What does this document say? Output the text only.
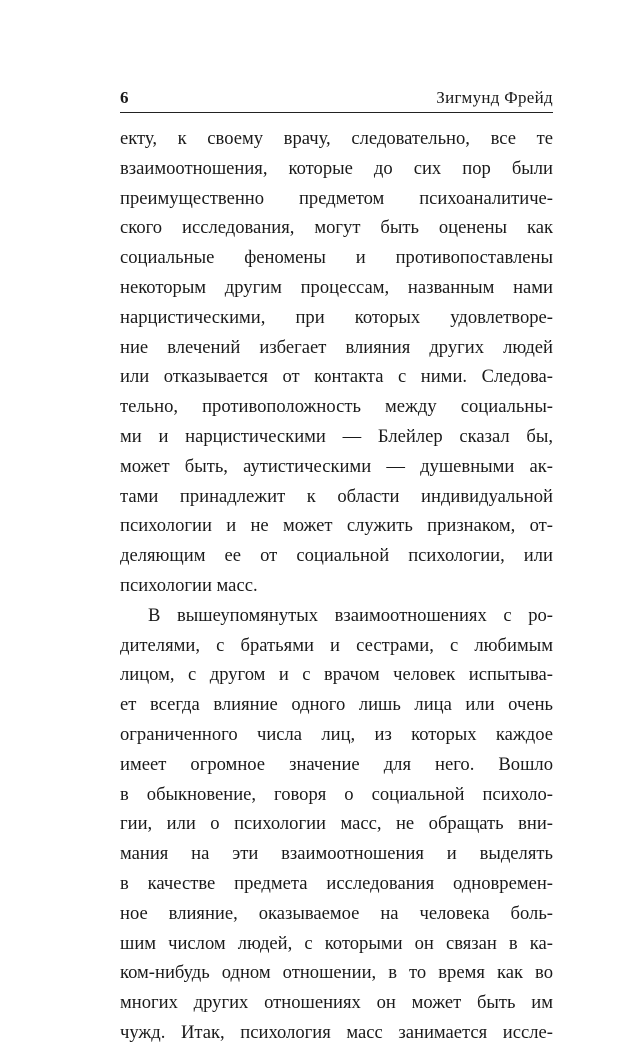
6	Зигмунд Фрейд
екту, к своему врачу, следовательно, все те
взаимоотношения, которые до сих пор были
преимущественно предметом психоаналитиче-
ского исследования, могут быть оценены как
социальные феномены и противопоставлены
некоторым другим процессам, названным нами
нарцистическими, при которых удовлетворе-
ние влечений избегает влияния других людей
или отказывается от контакта с ними. Следова-
тельно, противоположность между социальны-
ми и нарцистическими — Блейлер сказал бы,
может быть, аутистическими — душевными ак-
тами принадлежит к области индивидуальной
психологии и не может служить признаком, от-
деляющим ее от социальной психологии, или
психологии масс.
В вышеупомянутых взаимоотношениях с ро-
дителями, с братьями и сестрами, с любимым
лицом, с другом и с врачом человек испытыва-
ет всегда влияние одного лишь лица или очень
ограниченного числа лиц, из которых каждое
имеет огромное значение для него. Вошло
в обыкновение, говоря о социальной психоло-
гии, или о психологии масс, не обращать вни-
мания на эти взаимоотношения и выделять
в качестве предмета исследования одновремен-
ное влияние, оказываемое на человека боль-
шим числом людей, с которыми он связан в ка-
ком-нибудь одном отношении, в то время как во
многих других отношениях он может быть им
чужд. Итак, психология масс занимается иссле-
